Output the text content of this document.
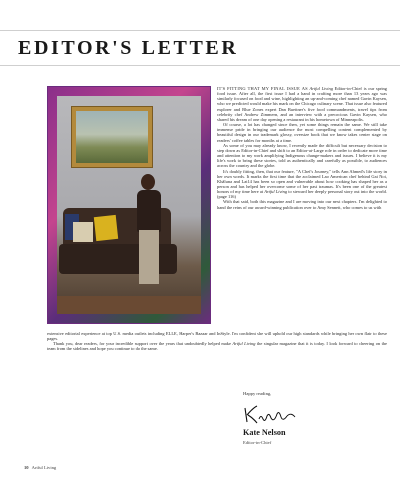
EDITOR'S LETTER

IT'S FITTING THAT MY FINAL ISSUE AS Artful Living Editor-in-Chief is our spring food issue. After all, the first issue I had a hand in crafting more than 13 years ago was similarly focused on food and wine, highlighting an up-and-coming chef named Gavin Kaysen, who we predicted would make his mark on the Chicago culinary scene. That issue also featured explorer and Blue Zones expert Dan Buettner's five food commandments, travel tips from celebrity chef Andrew Zimmern, and an interview with a precocious Gavin Kaysen, who shared his dream of one day opening a restaurant in his hometown of Minneapolis.

Of course, a lot has changed since then, yet some things remain the same. We still take immense pride in bringing our audience the most compelling content complemented by beautiful design in our trademark glossy, oversize book that we know takes center stage on readers' coffee tables for months at a time.

As some of you may already know, I recently made the difficult but necessary decision to step down as Editor-in-Chief and shift to an Editor-at-Large role in order to dedicate more time and attention to my work amplifying Indigenous change-makers and issues. I believe it is my life's work to bring these stories, told as authentically and carefully as possible, to audiences across the country and the globe.

It's doubly fitting, then, that our feature, "A Chef's Journey," tells Ann Ahmed's life story in her own words. It marks the first time that the acclaimed Lao American chef behind Gai Noi, Khâluna and Lat14 has been so open and vulnerable about how cooking has shaped her as a person and has helped her overcome some of her past traumas. It's been one of the greatest honors of my time here at Artful Living to steward her deeply personal story out into the world. (page 116)

With that said, both this magazine and I are moving into our next chapters. I'm delighted to hand the reins of our award-winning publication over to Amy Sennett, who comes to us with

extensive editorial experience at top U.S. media outlets including ELLE, Harper's Bazaar and InStyle. I'm confident she will uphold our high standards while bringing her own flair to these pages.

Thank you, dear readers, for your incredible support over the years that undoubtedly helped make Artful Living the singular magazine that it is today. I look forward to cheering on the team from the sidelines and hope you continue to do the same.

Happy reading,
Kate Nelson
Editor-in-Chief
10 Artful Living
